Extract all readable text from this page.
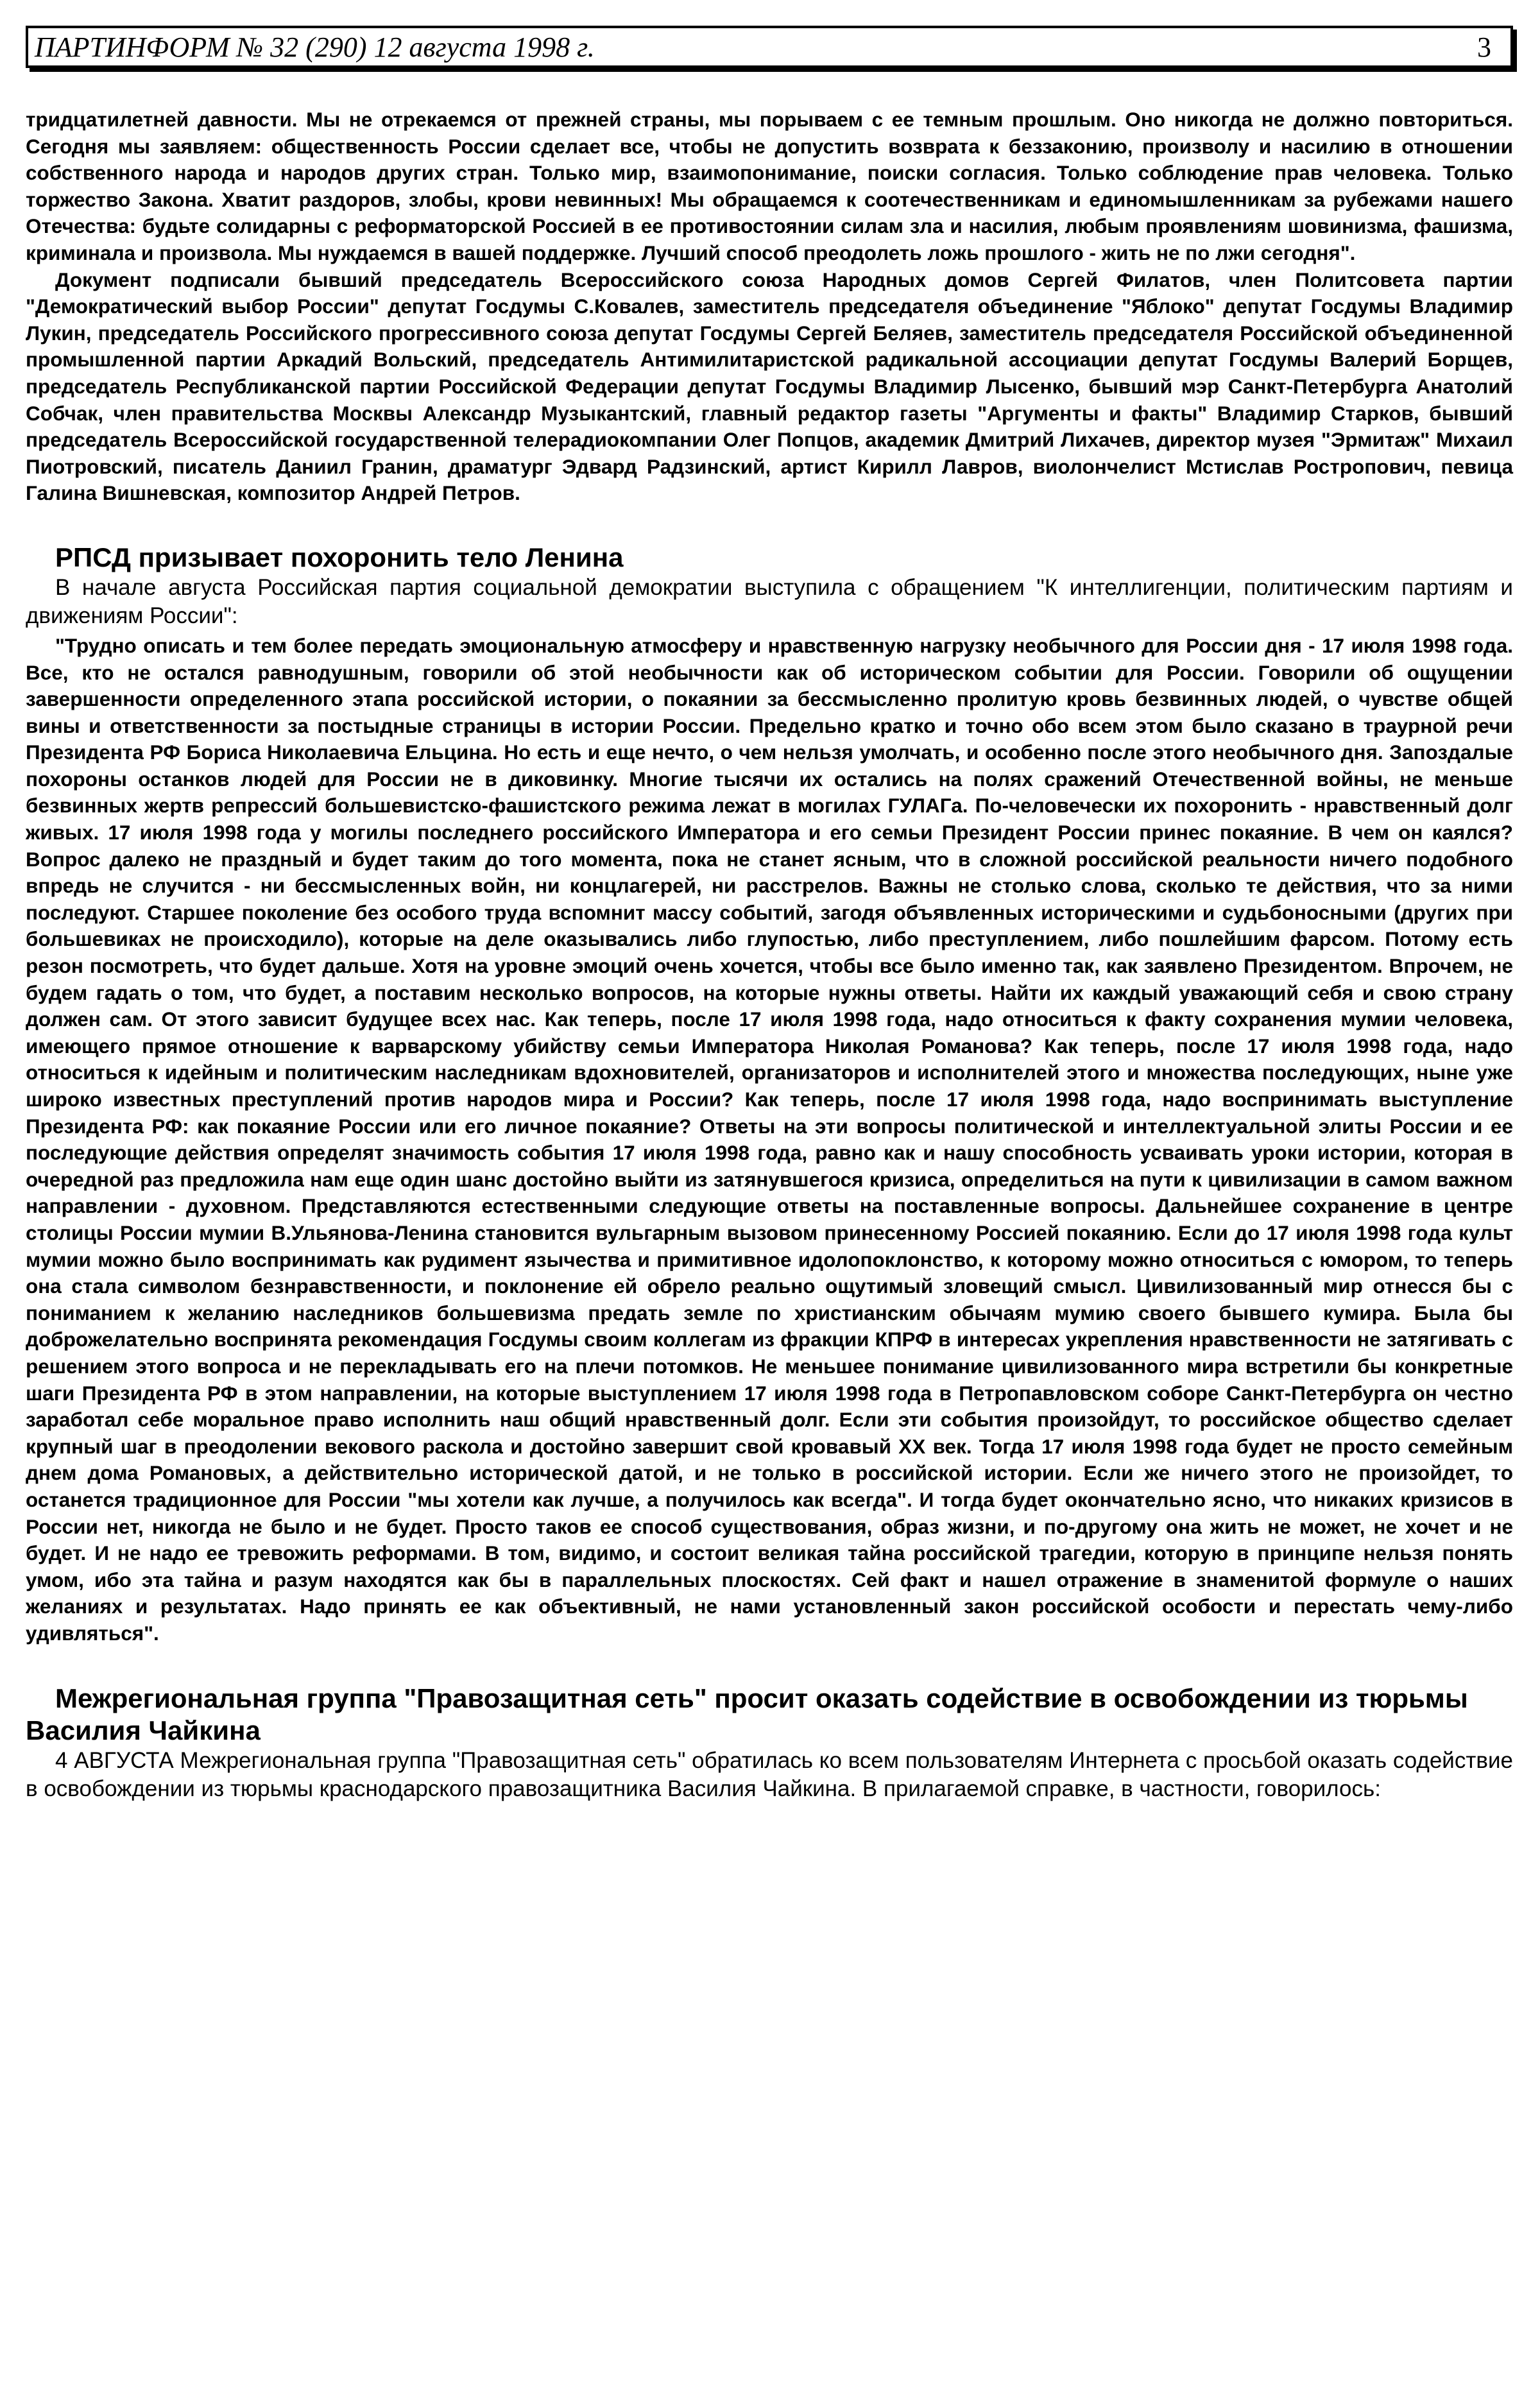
ПАРТИНФОРМ № 32 (290) 12 августа 1998 г.	3

тридцатилетней давности. Мы не отрекаемся от прежней страны, мы порываем с ее темным прошлым. Оно никогда не должно повториться. Сегодня мы заявляем: общественность России сделает все, чтобы не допустить возврата к беззаконию, произволу и насилию в отношении собственного народа и народов других стран. Только мир, взаимопонимание, поиски согласия. Только соблюдение прав человека. Только торжество Закона. Хватит раздоров, злобы, крови невинных! Мы обращаемся к соотечественникам и единомышленникам за рубежами нашего Отечества: будьте солидарны с реформаторской Россией в ее противостоянии силам зла и насилия, любым проявлениям шовинизма, фашизма, криминала и произвола. Мы нуждаемся в вашей поддержке. Лучший способ преодолеть ложь прошлого - жить не по лжи сегодня".

Документ подписали бывший председатель Всероссийского союза Народных домов Сергей Филатов, член Политсовета партии "Демократический выбор России" депутат Госдумы С.Ковалев, заместитель председателя объединение "Яблоко" депутат Госдумы Владимир Лукин, председатель Российского прогрессивного союза депутат Госдумы Сергей Беляев, заместитель председателя Российской объединенной промышленной партии Аркадий Вольский, председатель Антимилитаристской радикальной ассоциации депутат Госдумы Валерий Борщев, председатель Республиканской партии Российской Федерации депутат Госдумы Владимир Лысенко, бывший мэр Санкт-Петербурга Анатолий Собчак, член правительства Москвы Александр Музыкантский, главный редактор газеты "Аргументы и факты" Владимир Старков, бывший председатель Всероссийской государственной телерадиокомпании Олег Попцов, академик Дмитрий Лихачев, директор музея "Эрмитаж" Михаил Пиотровский, писатель Даниил Гранин, драматург Эдвард Радзинский, артист Кирилл Лавров, виолончелист Мстислав Ростропович, певица Галина Вишневская, композитор Андрей Петров.

РПСД призывает похоронить тело Ленина

В начале августа Российская партия социальной демократии выступила с обращением "К интеллигенции, политическим партиям и движениям России":

"Трудно описать и тем более передать эмоциональную атмосферу и нравственную нагрузку необычного для России дня - 17 июля 1998 года. Все, кто не остался равнодушным, говорили об этой необычности как об историческом событии для России. Говорили об ощущении завершенности определенного этапа российской истории, о покаянии за бессмысленно пролитую кровь безвинных людей, о чувстве общей вины и ответственности за постыдные страницы в истории России. Предельно кратко и точно обо всем этом было сказано в траурной речи Президента РФ Бориса Николаевича Ельцина. Но есть и еще нечто, о чем нельзя умолчать, и особенно после этого необычного дня. Запоздалые похороны останков людей для России не в диковинку. Многие тысячи их остались на полях сражений Отечественной войны, не меньше безвинных жертв репрессий большевистско-фашистского режима лежат в могилах ГУЛАГа. По-человечески их похоронить - нравственный долг живых. 17 июля 1998 года у могилы последнего российского Императора и его семьи Президент России принес покаяние. В чем он каялся? Вопрос далеко не праздный и будет таким до того момента, пока не станет ясным, что в сложной российской реальности ничего подобного впредь не случится - ни бессмысленных войн, ни концлагерей, ни расстрелов. Важны не столько слова, сколько те действия, что за ними последуют. Старшее поколение без особого труда вспомнит массу событий, загодя объявленных историческими и судьбоносными (других при большевиках не происходило), которые на деле оказывались либо глупостью, либо преступлением, либо пошлейшим фарсом. Потому есть резон посмотреть, что будет дальше. Хотя на уровне эмоций очень хочется, чтобы все было именно так, как заявлено Президентом. Впрочем, не будем гадать о том, что будет, а поставим несколько вопросов, на которые нужны ответы. Найти их каждый уважающий себя и свою страну должен сам. От этого зависит будущее всех нас. Как теперь, после 17 июля 1998 года, надо относиться к факту сохранения мумии человека, имеющего прямое отношение к варварскому убийству семьи Императора Николая Романова? Как теперь, после 17 июля 1998 года, надо относиться к идейным и политическим наследникам вдохновителей, организаторов и исполнителей этого и множества последующих, ныне уже широко известных преступлений против народов мира и России? Как теперь, после 17 июля 1998 года, надо воспринимать выступление Президента РФ: как покаяние России или его личное покаяние? Ответы на эти вопросы политической и интеллектуальной элиты России и ее последующие действия определят значимость события 17 июля 1998 года, равно как и нашу способность усваивать уроки истории, которая в очередной раз предложила нам еще один шанс достойно выйти из затянувшегося кризиса, определиться на пути к цивилизации в самом важном направлении - духовном. Представляются естественными следующие ответы на поставленные вопросы. Дальнейшее сохранение в центре столицы России мумии В.Ульянова-Ленина становится вульгарным вызовом принесенному Россией покаянию. Если до 17 июля 1998 года культ мумии можно было воспринимать как рудимент язычества и примитивное идолопоклонство, к которому можно относиться с юмором, то теперь она стала символом безнравственности, и поклонение ей обрело реально ощутимый зловещий смысл. Цивилизованный мир отнесся бы с пониманием к желанию наследников большевизма предать земле по христианским обычаям мумию своего бывшего кумира. Была бы доброжелательно воспринята рекомендация Госдумы своим коллегам из фракции КПРФ в интересах укрепления нравственности не затягивать с решением этого вопроса и не перекладывать его на плечи потомков. Не меньшее понимание цивилизованного мира встретили бы конкретные шаги Президента РФ в этом направлении, на которые выступлением 17 июля 1998 года в Петропавловском соборе Санкт-Петербурга он честно заработал себе моральное право исполнить наш общий нравственный долг. Если эти события произойдут, то российское общество сделает крупный шаг в преодолении векового раскола и достойно завершит свой кровавый XX век. Тогда 17 июля 1998 года будет не просто семейным днем дома Романовых, а действительно исторической датой, и не только в российской истории. Если же ничего этого не произойдет, то останется традиционное для России "мы хотели как лучше, а получилось как всегда". И тогда будет окончательно ясно, что никаких кризисов в России нет, никогда не было и не будет. Просто таков ее способ существования, образ жизни, и по-другому она жить не может, не хочет и не будет. И не надо ее тревожить реформами. В том, видимо, и состоит великая тайна российской трагедии, которую в принципе нельзя понять умом, ибо эта тайна и разум находятся как бы в параллельных плоскостях. Сей факт и нашел отражение в знаменитой формуле о наших желаниях и результатах. Надо принять ее как объективный, не нами установленный закон российской особости и перестать чему-либо удивляться".

Межрегиональная группа "Правозащитная сеть" просит оказать содействие в освобождении из тюрьмы Василия Чайкина

4 АВГУСТА Межрегиональная группа "Правозащитная сеть" обратилась ко всем пользователям Интернета с просьбой оказать содействие в освобождении из тюрьмы краснодарского правозащитника Василия Чайкина. В прилагаемой справке, в частности, говорилось:
